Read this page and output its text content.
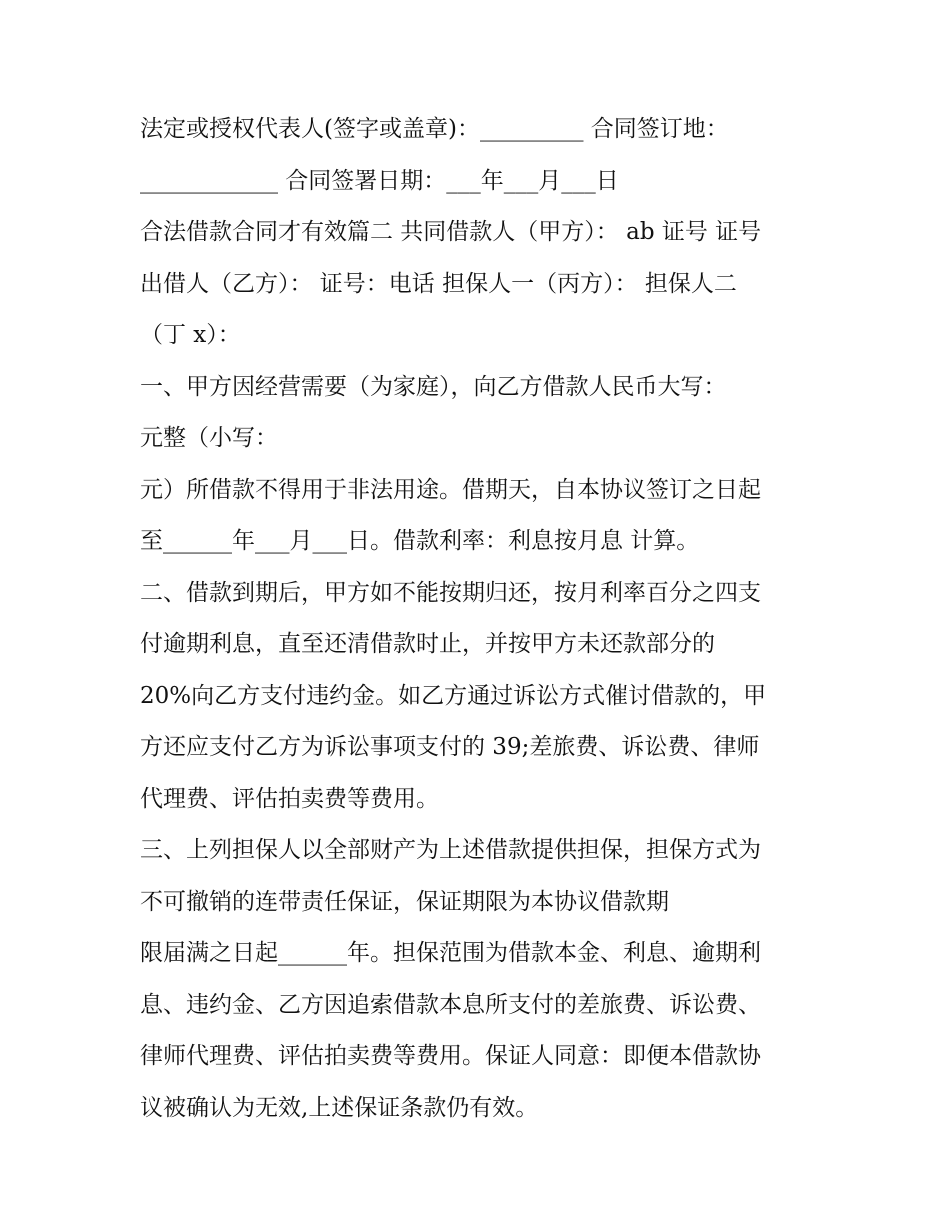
法定或授权代表人(签字或盖章)：_________ 合同签订地：
____________ 合同签署日期：___年___月___日
合法借款合同才有效篇二 共同借款人（甲方）： ab 证号 证号
出借人（乙方）： 证号：电话 担保人一（丙方）： 担保人二
（丁 x）：
一、甲方因经营需要（为家庭），向乙方借款人民币大写：
元整（小写：
元）所借款不得用于非法用途。借期天，自本协议签订之日起
至______年___月___日。借款利率：利息按月息 计算。
二、借款到期后，甲方如不能按期归还，按月利率百分之四支
付逾期利息，直至还清借款时止，并按甲方未还款部分的
20%向乙方支付违约金。如乙方通过诉讼方式催讨借款的，甲
方还应支付乙方为诉讼事项支付的 39;差旅费、诉讼费、律师
代理费、评估拍卖费等费用。
三、上列担保人以全部财产为上述借款提供担保，担保方式为
不可撤销的连带责任保证，保证期限为本协议借款期
限届满之日起______年。担保范围为借款本金、利息、逾期利
息、违约金、乙方因追索借款本息所支付的差旅费、诉讼费、
律师代理费、评估拍卖费等费用。保证人同意：即便本借款协
议被确认为无效,上述保证条款仍有效。
